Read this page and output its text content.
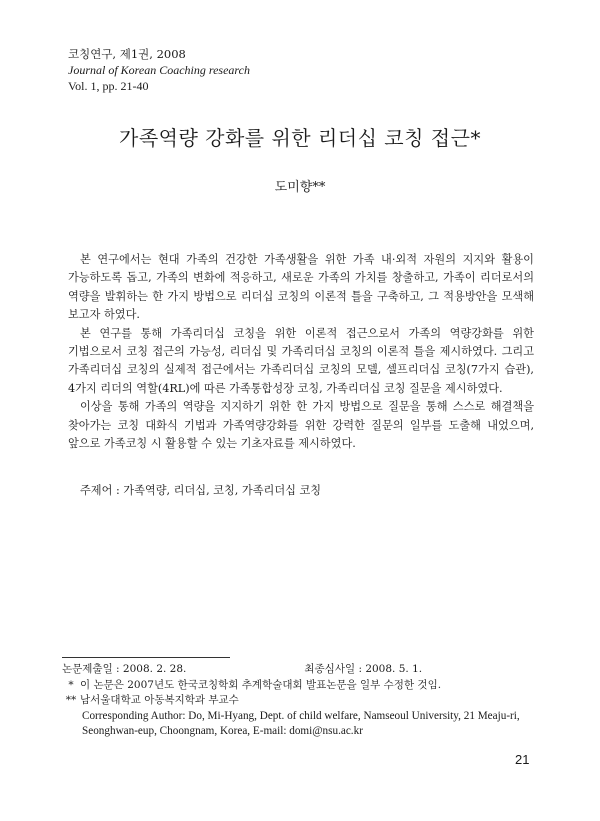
코칭연구, 제1권, 2008
Journal of Korean Coaching research
Vol. 1, pp. 21-40
가족역량 강화를 위한 리더십 코칭 접근*
도미향**

본 연구에서는 현대 가족의 건강한 가족생활을 위한 가족 내·외적 자원의 지지와 활용이 가능하도록 돕고, 가족의 변화에 적응하고, 새로운 가족의 가치를 창출하고, 가족이 리더로서의 역량을 발휘하는 한 가지 방법으로 리더십 코칭의 이론적 틀을 구축하고, 그 적용방안을 모색해 보고자 하였다.

본 연구를 통해 가족리더십 코칭을 위한 이론적 접근으로서 가족의 역량강화를 위한 기법으로서 코칭 접근의 가능성, 리더십 및 가족리더십 코칭의 이론적 틀을 제시하였다. 그리고 가족리더십 코칭의 실제적 접근에서는 가족리더십 코칭의 모델, 셀프리더십 코칭(7가지 습관), 4가지 리더의 역할(4RL)에 따른 가족통합성장 코칭, 가족리더십 코칭 질문을 제시하였다.

이상을 통해 가족의 역량을 지지하기 위한 한 가지 방법으로 질문을 통해 스스로 해결책을 찾아가는 코칭 대화식 기법과 가족역량강화를 위한 강력한 질문의 일부를 도출해 내었으며, 앞으로 가족코칭 시 활용할 수 있는 기초자료를 제시하였다.

주제어 : 가족역량, 리더십, 코칭, 가족리더십 코칭
논문제출일 : 2008. 2. 28.	최종심사일 : 2008. 5. 1.
* 이 논문은 2007년도 한국코칭학회 추계학술대회 발표논문을 일부 수정한 것임.
** 남서울대학교 아동복지학과 부교수
Corresponding Author: Do, Mi-Hyang, Dept. of child welfare, Namseoul University, 21 Meaju-ri,
Seonghwan-eup, Choongnam, Korea, E-mail: domi@nsu.ac.kr
21
